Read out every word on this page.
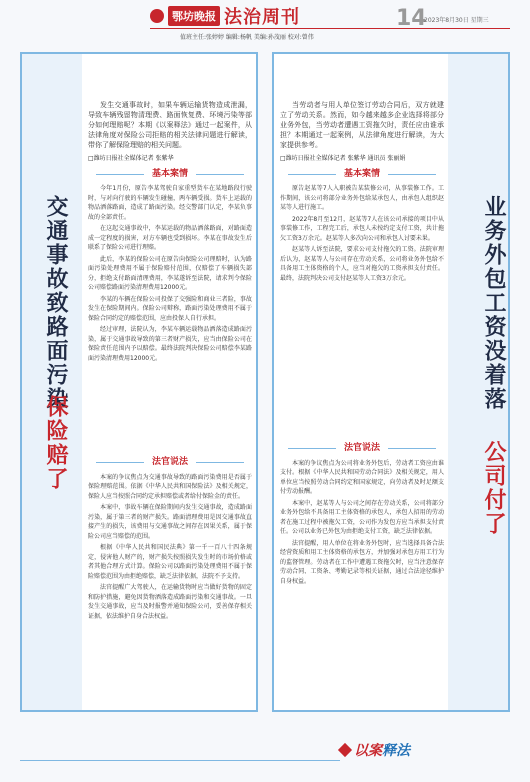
鄂坊晚报 法治周刊	14
2023年8月30日 星期三
值班主任:张婷婷 编辑:杨帆 美编:孙茂丽 校对:曾伟
交通事故致路面污染
保险赔了

发生交通事故时，如果车辆运输货物造成泄漏，导致车辆残留物清理费、路面恢复费、环境污染等部分如何理赔呢？本期《以案释法》通过一起案件，从法律角度对保险公司拒赔的相关法律问题进行解读，带你了解保险理赔的相关问题。

□潍坊日报社全媒体记者 张紫华
基本案情

今年1月份，原告李某驾驶自家重型货车在某地路段行驶时，与对向行驶的车辆发生碰撞，两车辆受损。货车上运载的物品洒落路面，造成了路面污染。经交警部门认定，李某负事故的全部责任。

在这起交通事故中，李某运载的物品洒落路面，对路面造成一定程度的损害，对方车辆也受到损坏。李某在事故发生后联系了保险公司进行理赔。

此后，李某的保险公司在原告向保险公司理赔时，认为路面污染处理费用不属于保险赔付范围，仅赔偿了车辆损失部分，拒绝支付路面清理费用，李某遂诉至法院，请求判令保险公司赔偿路面污染清理费用12000元。

李某的车辆在保险公司投保了交强险和商业三者险，事故发生在保险期间内。保险公司辩称，路面污染处理费用不属于保险合同约定的赔偿范围，应由投保人自行承担。

经过审理，法院认为，李某车辆运载物品洒落造成路面污染，属于交通事故导致的第三者财产损失，应当由保险公司在保险责任范围内予以赔偿。最终法院判决保险公司赔偿李某路面污染清理费用12000元。

法官说法

本案的争议焦点为交通事故导致的路面污染费用是否属于保险理赔范围。依据《中华人民共和国保险法》及相关规定，保险人应当按照合同约定承担赔偿或者给付保险金的责任。

本案中，事故车辆在保险期间内发生交通事故，造成路面污染，属于第三者的财产损失。路面清理费用是因交通事故直接产生的损失，该费用与交通事故之间存在因果关系，属于保险公司应当赔偿的范围。

根据《中华人民共和国民法典》第一千一百八十四条规定，侵害他人财产的，财产损失按照损失发生时的市场价格或者其他合理方式计算。保险公司以路面污染处理费用不属于保险赔偿范围为由拒绝赔偿，缺乏法律依据，法院不予支持。

法官提醒广大驾驶人，在运输货物时应当做好货物的固定和防护措施，避免因货物洒落造成路面污染和交通事故。一旦发生交通事故，应当及时报警并通知保险公司，妥善保存相关证据，依法维护自身合法权益。

业务外包工资没着落
公司付了

当劳动者与用人单位签订劳动合同后，双方就建立了劳动关系。然而，如今越来越多企业选择将部分业务外包，当劳动者遭遇工资拖欠时，责任应由谁承担？本期通过一起案例，从法律角度进行解读，为大家提供参考。

□潍坊日报社全媒体记者 张紫华 通讯员 张丽娟
基本案情

原告赵某等7人入职被告某装修公司，从事装修工作。工作期间，该公司将部分业务外包给某承包人，由承包人组织赵某等人进行施工。

2022年8月至12月，赵某等7人在该公司承接的项目中从事装修工作，工程完工后，承包人未按约定支付工资，共计拖欠工资3万余元。赵某等人多次向公司和承包人讨要未果。

赵某等人诉至法院，要求公司支付拖欠的工资。法院审理后认为，赵某等人与公司存在劳动关系，公司将业务外包给不具备用工主体资格的个人，应当对拖欠的工资承担支付责任。最终，法院判决公司支付赵某等人工资3万余元。

法官说法

本案的争议焦点为公司将业务外包后，劳动者工资应由谁支付。根据《中华人民共和国劳动合同法》及相关规定，用人单位应当按照劳动合同约定和国家规定，向劳动者及时足额支付劳动报酬。

本案中，赵某等人与公司之间存在劳动关系，公司将部分业务外包给不具备用工主体资格的承包人，承包人招用的劳动者在施工过程中被拖欠工资，公司作为发包方应当承担支付责任。公司以业务已外包为由拒绝支付工资，缺乏法律依据。

法官提醒，用人单位在将业务外包时，应当选择具备合法经营资质和用工主体资格的承包方，并加强对承包方用工行为的监督管理。劳动者在工作中遭遇工资拖欠时，应当注意保存劳动合同、工资条、考勤记录等相关证据，通过合法途径维护自身权益。

以案 释法
